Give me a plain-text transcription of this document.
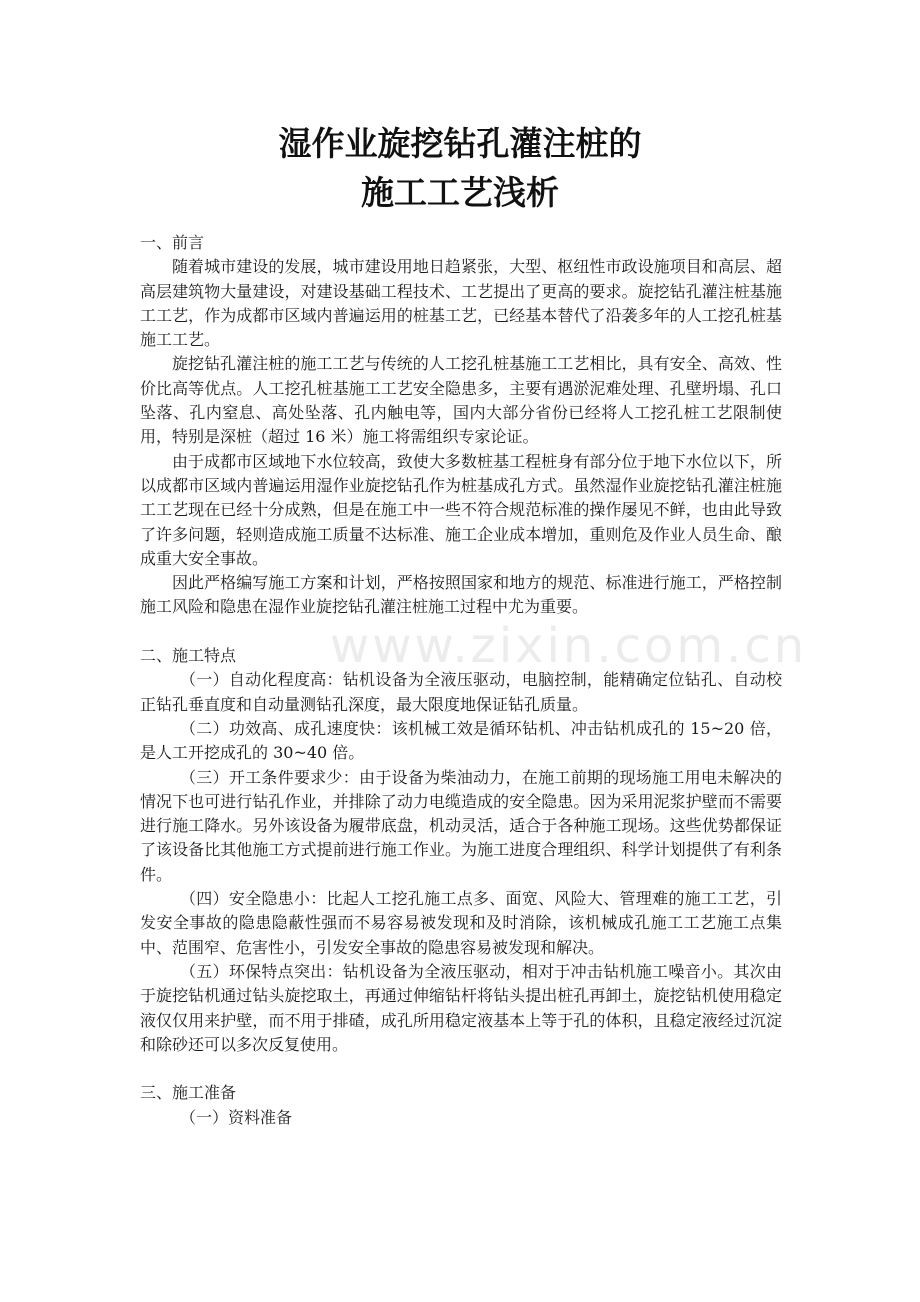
湿作业旋挖钻孔灌注桩的
施工工艺浅析

一、前言

随着城市建设的发展，城市建设用地日趋紧张，大型、枢纽性市政设施项目和高层、超高层建筑物大量建设，对建设基础工程技术、工艺提出了更高的要求。旋挖钻孔灌注桩基施工工艺，作为成都市区域内普遍运用的桩基工艺，已经基本替代了沿袭多年的人工挖孔桩基施工工艺。

旋挖钻孔灌注桩的施工工艺与传统的人工挖孔桩基施工工艺相比，具有安全、高效、性价比高等优点。人工挖孔桩基施工工艺安全隐患多，主要有遇淤泥难处理、孔壁坍塌、孔口坠落、孔内窒息、高处坠落、孔内触电等，国内大部分省份已经将人工挖孔桩工艺限制使用，特别是深桩（超过 16 米）施工将需组织专家论证。

由于成都市区域地下水位较高，致使大多数桩基工程桩身有部分位于地下水位以下，所以成都市区域内普遍运用湿作业旋挖钻孔作为桩基成孔方式。虽然湿作业旋挖钻孔灌注桩施工工艺现在已经十分成熟，但是在施工中一些不符合规范标准的操作屡见不鲜，也由此导致了许多问题，轻则造成施工质量不达标准、施工企业成本增加，重则危及作业人员生命、酿成重大安全事故。

因此严格编写施工方案和计划，严格按照国家和地方的规范、标准进行施工，严格控制施工风险和隐患在湿作业旋挖钻孔灌注桩施工过程中尤为重要。

二、施工特点

（一）自动化程度高：钻机设备为全液压驱动，电脑控制，能精确定位钻孔、自动校正钻孔垂直度和自动量测钻孔深度，最大限度地保证钻孔质量。

（二）功效高、成孔速度快：该机械工效是循环钻机、冲击钻机成孔的 15~20 倍，是人工开挖成孔的 30~40 倍。

（三）开工条件要求少：由于设备为柴油动力，在施工前期的现场施工用电未解决的情况下也可进行钻孔作业，并排除了动力电缆造成的安全隐患。因为采用泥浆护壁而不需要进行施工降水。另外该设备为履带底盘，机动灵活，适合于各种施工现场。这些优势都保证了该设备比其他施工方式提前进行施工作业。为施工进度合理组织、科学计划提供了有利条件。

（四）安全隐患小：比起人工挖孔施工点多、面宽、风险大、管理难的施工工艺，引发安全事故的隐患隐蔽性强而不易容易被发现和及时消除，该机械成孔施工工艺施工点集中、范围窄、危害性小，引发安全事故的隐患容易被发现和解决。

（五）环保特点突出：钻机设备为全液压驱动，相对于冲击钻机施工噪音小。其次由于旋挖钻机通过钻头旋挖取土，再通过伸缩钻杆将钻头提出桩孔再卸土，旋挖钻机使用稳定液仅仅用来护壁，而不用于排碴，成孔所用稳定液基本上等于孔的体积，且稳定液经过沉淀和除砂还可以多次反复使用。

三、施工准备

（一）资料准备

www.zixin.com.cn
